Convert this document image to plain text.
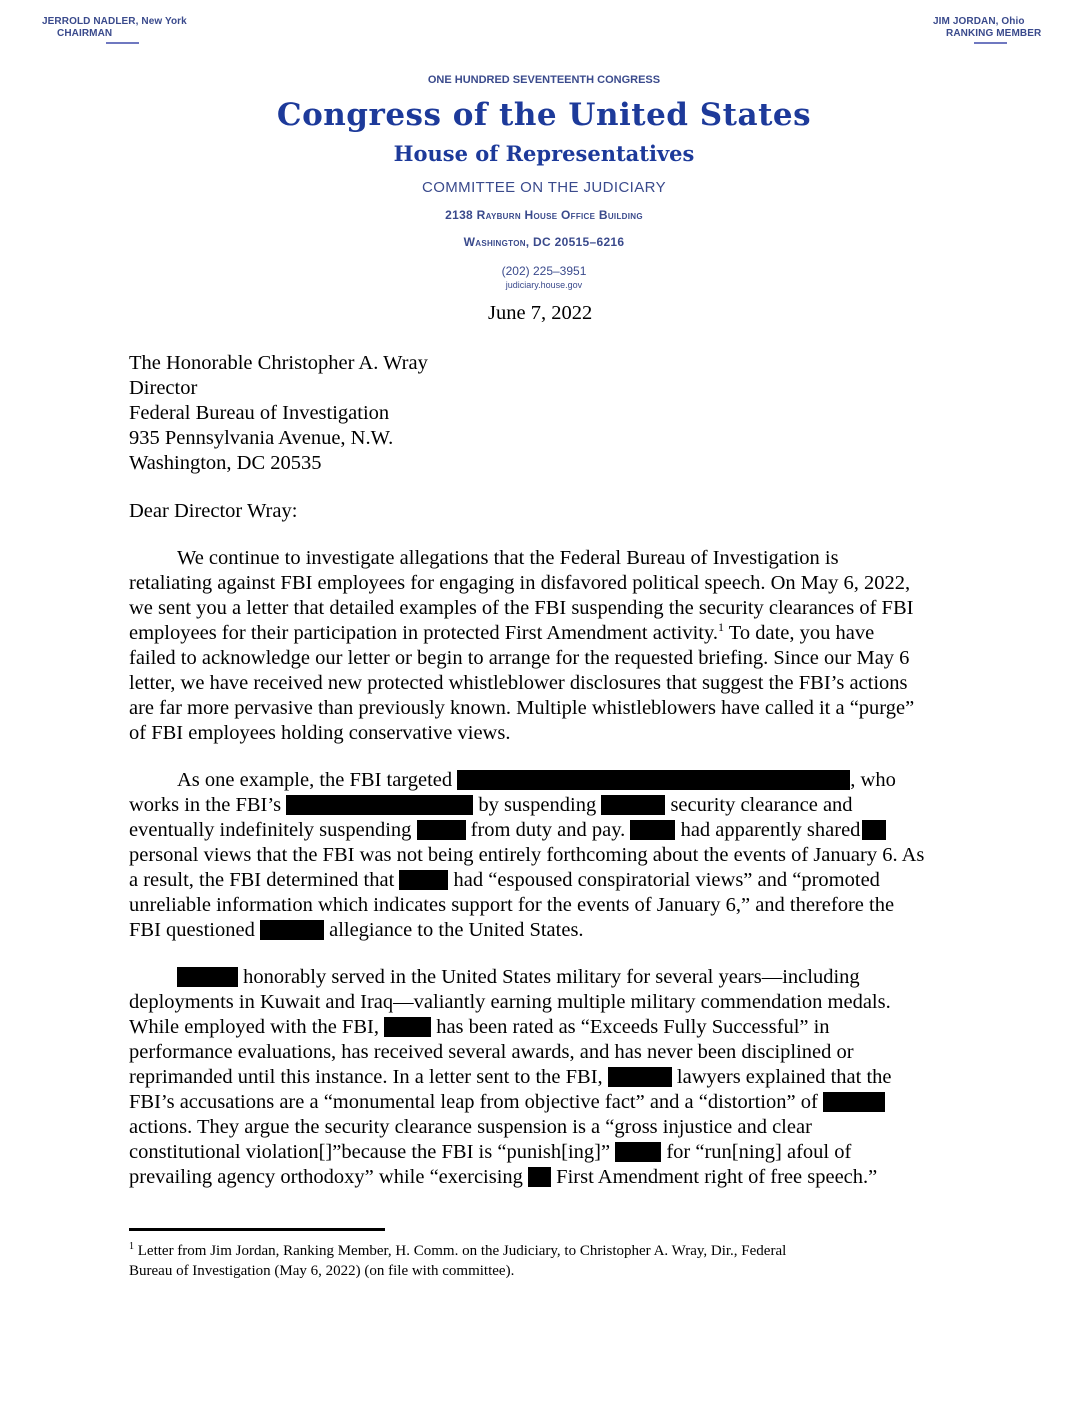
JERROLD NADLER, New York
CHAIRMAN
JIM JORDAN, Ohio
RANKING MEMBER
ONE HUNDRED SEVENTEENTH CONGRESS
Congress of the United States
House of Representatives
COMMITTEE ON THE JUDICIARY
2138 Rayburn House Office Building
Washington, DC 20515–6216
(202) 225–3951
judiciary.house.gov
June 7, 2022
The Honorable Christopher A. Wray
Director
Federal Bureau of Investigation
935 Pennsylvania Avenue, N.W.
Washington, DC 20535
Dear Director Wray:
We continue to investigate allegations that the Federal Bureau of Investigation is
retaliating against FBI employees for engaging in disfavored political speech. On May 6, 2022,
we sent you a letter that detailed examples of the FBI suspending the security clearances of FBI
employees for their participation in protected First Amendment activity.$^1$ To date, you have
failed to acknowledge our letter or begin to arrange for the requested briefing. Since our May 6
letter, we have received new protected whistleblower disclosures that suggest the FBI’s actions
are far more pervasive than previously known. Multiple whistleblowers have called it a “purge”
of FBI employees holding conservative views.
As one example, the FBI targeted	, who
works in the FBI’s	by suspending	security clearance and
eventually indefinitely suspending  from duty and pay.  had apparently shared
personal views that the FBI was not being entirely forthcoming about the events of January 6. As
a result, the FBI determined that  had “espoused conspiratorial views” and “promoted
unreliable information which indicates support for the events of January 6,” and therefore the
FBI questioned	allegiance to the United States.
honorably served in the United States military for several years—including
deployments in Kuwait and Iraq—valiantly earning multiple military commendation medals.
While employed with the FBI,  has been rated as “Exceeds Fully Successful” in
performance evaluations, has received several awards, and has never been disciplined or
reprimanded until this instance. In a letter sent to the FBI,	lawyers explained that the
FBI’s accusations are a “monumental leap from objective fact” and a “distortion” of
actions. They argue the security clearance suspension is a “gross injustice and clear
constitutional violation[]”because the FBI is “punish[ing]”  for “run[ning] afoul of
prevailing agency orthodoxy” while “exercising  First Amendment right of free speech.”
$^1$ Letter from Jim Jordan, Ranking Member, H. Comm. on the Judiciary, to Christopher A. Wray, Dir., Federal
Bureau of Investigation (May 6, 2022) (on file with committee).
